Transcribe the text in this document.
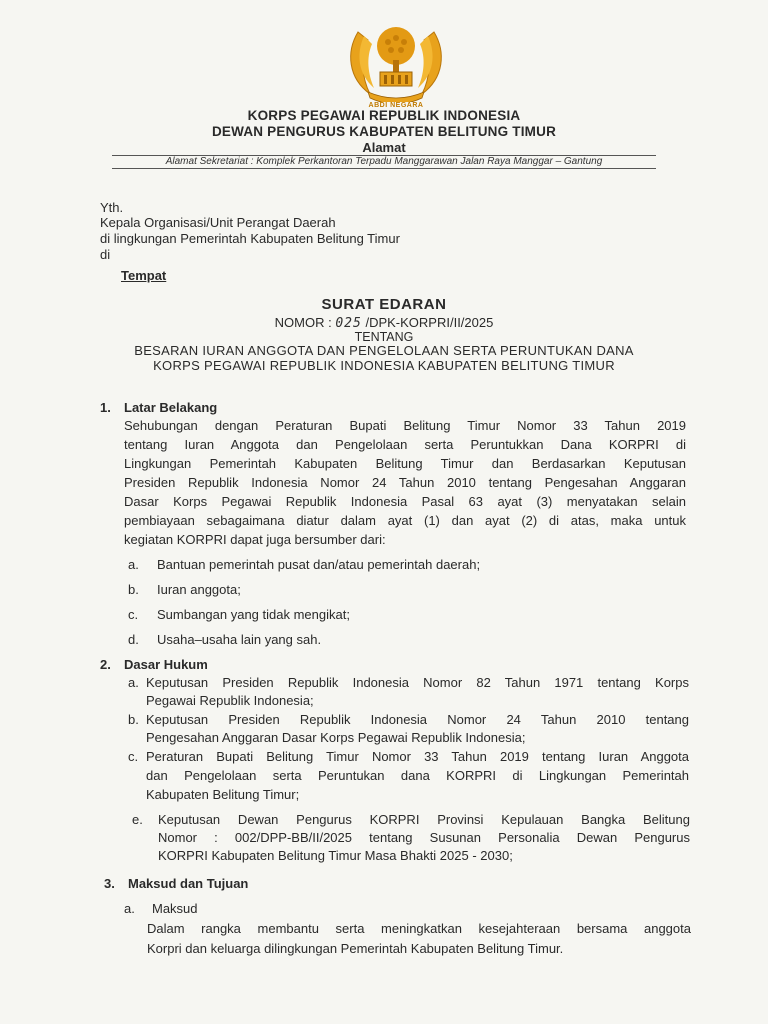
ABDI NEGARA
KORPS PEGAWAI REPUBLIK INDONESIA
DEWAN PENGURUS KABUPATEN BELITUNG TIMUR
Alamat
Alamat Sekretariat : Komplek Perkantoran Terpadu Manggarawan Jalan Raya Manggar – Gantung
Yth.
Kepala Organisasi/Unit Perangat Daerah
di lingkungan Pemerintah Kabupaten Belitung Timur
di
Tempat
SURAT EDARAN
NOMOR : 025 /DPK-KORPRI/II/2025
TENTANG
BESARAN IURAN ANGGOTA DAN PENGELOLAAN SERTA PERUNTUKAN DANA
KORPS PEGAWAI REPUBLIK INDONESIA KABUPATEN BELITUNG TIMUR
1. Latar Belakang
Sehubungan dengan Peraturan Bupati Belitung Timur Nomor 33 Tahun 2019
tentang Iuran Anggota dan Pengelolaan serta Peruntukkan Dana KORPRI di
Lingkungan Pemerintah Kabupaten Belitung Timur dan Berdasarkan Keputusan
Presiden Republik Indonesia Nomor 24 Tahun 2010 tentang Pengesahan Anggaran
Dasar Korps Pegawai Republik Indonesia Pasal 63 ayat (3) menyatakan selain
pembiayaan sebagaimana diatur dalam ayat (1) dan ayat (2) di atas, maka untuk
kegiatan KORPRI dapat juga bersumber dari:
a. Bantuan pemerintah pusat dan/atau pemerintah daerah;
b. Iuran anggota;
c. Sumbangan yang tidak mengikat;
d. Usaha–usaha lain yang sah.
2. Dasar Hukum
a. Keputusan Presiden Republik Indonesia Nomor 82 Tahun 1971 tentang Korps
Pegawai Republik Indonesia;
b. Keputusan Presiden Republik Indonesia Nomor 24 Tahun 2010 tentang
Pengesahan Anggaran Dasar Korps Pegawai Republik Indonesia;
c. Peraturan Bupati Belitung Timur Nomor 33 Tahun 2019 tentang Iuran Anggota
dan Pengelolaan serta Peruntukan dana KORPRI di Lingkungan Pemerintah
Kabupaten Belitung Timur;
e. Keputusan Dewan Pengurus KORPRI Provinsi Kepulauan Bangka Belitung
Nomor : 002/DPP-BB/II/2025 tentang Susunan Personalia Dewan Pengurus
KORPRI Kabupaten Belitung Timur Masa Bhakti 2025 - 2030;
3. Maksud dan Tujuan
a. Maksud
Dalam rangka membantu serta meningkatkan kesejahteraan bersama anggota
Korpri dan keluarga dilingkungan Pemerintah Kabupaten Belitung Timur.
